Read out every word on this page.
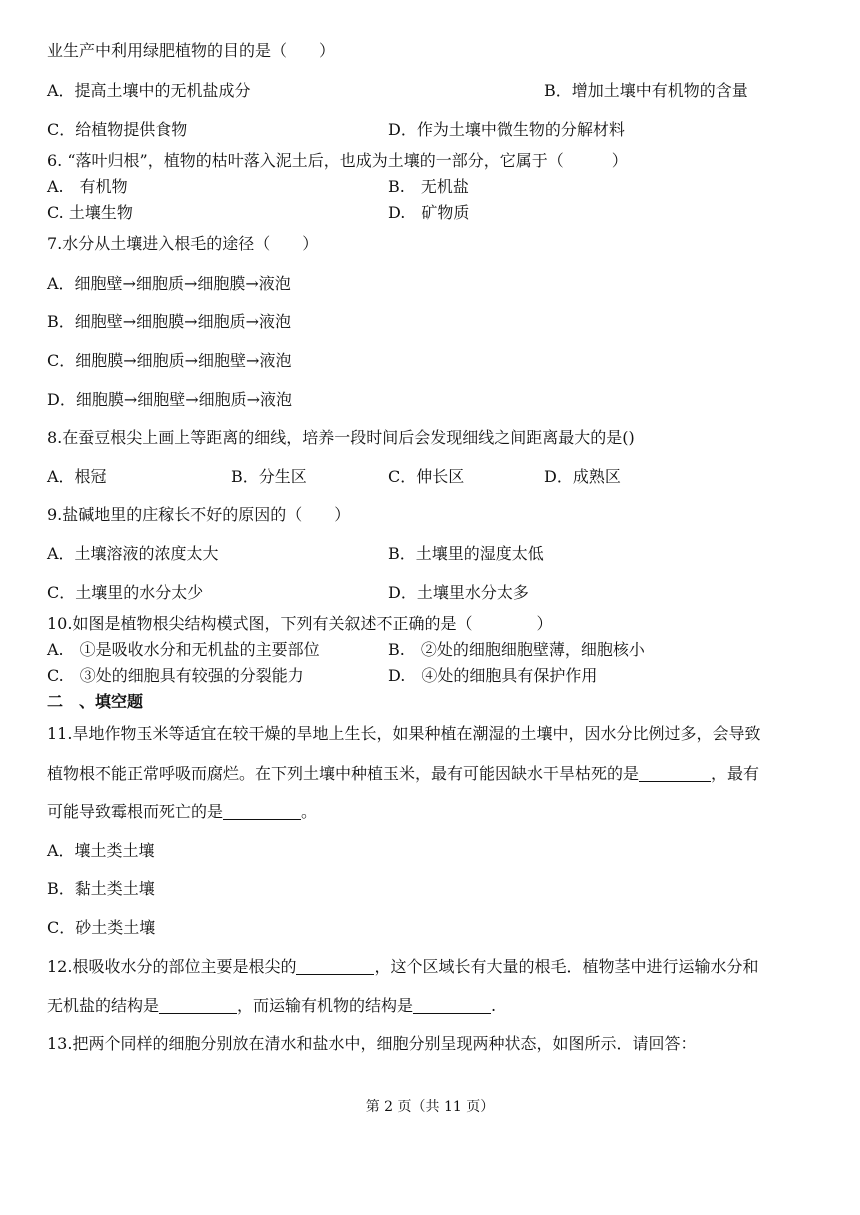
业生产中利用绿肥植物的目的是（　　）
A．提高土壤中的无机盐成分	B．增加土壤中有机物的含量
C．给植物提供食物	D．作为土壤中微生物的分解材料
6. “落叶归根”，植物的枯叶落入泥土后，也成为土壤的一部分，它属于（　　　）
A.　有机物	B.　无机盐
C. 土壤生物	D.　矿物质
7.水分从土壤进入根毛的途径（　　）
A．细胞壁→细胞质→细胞膜→液泡
B．细胞壁→细胞膜→细胞质→液泡
C．细胞膜→细胞质→细胞壁→液泡
D．细胞膜→细胞壁→细胞质→液泡
8.在蚕豆根尖上画上等距离的细线，培养一段时间后会发现细线之间距离最大的是()
A．根冠	B．分生区	C．伸长区	D．成熟区
9.盐碱地里的庄稼长不好的原因的（　　）
A．土壤溶液的浓度太大	B．土壤里的湿度太低
C．土壤里的水分太少	D．土壤里水分太多
10.如图是植物根尖结构模式图，下列有关叙述不正确的是（　　　　）
A.　①是吸收水分和无机盐的主要部位	B.　②处的细胞细胞壁薄，细胞核小
C.　③处的细胞具有较强的分裂能力	D.　④处的细胞具有保护作用
二　、填空题
11.旱地作物玉米等适宜在较干燥的旱地上生长，如果种植在潮湿的土壤中，因水分比例过多，会导致
植物根不能正常呼吸而腐烂。在下列土壤中种植玉米，最有可能因缺水干旱枯死的是	，最有
可能导致霉根而死亡的是	。
A．壤土类土壤
B．黏土类土壤
C．砂土类土壤
12.根吸收水分的部位主要是根尖的	，这个区域长有大量的根毛．植物茎中进行运输水分和
无机盐的结构是	，而运输有机物的结构是	.
13.把两个同样的细胞分别放在清水和盐水中，细胞分别呈现两种状态，如图所示．请回答：
第 2 页（共 11 页）
